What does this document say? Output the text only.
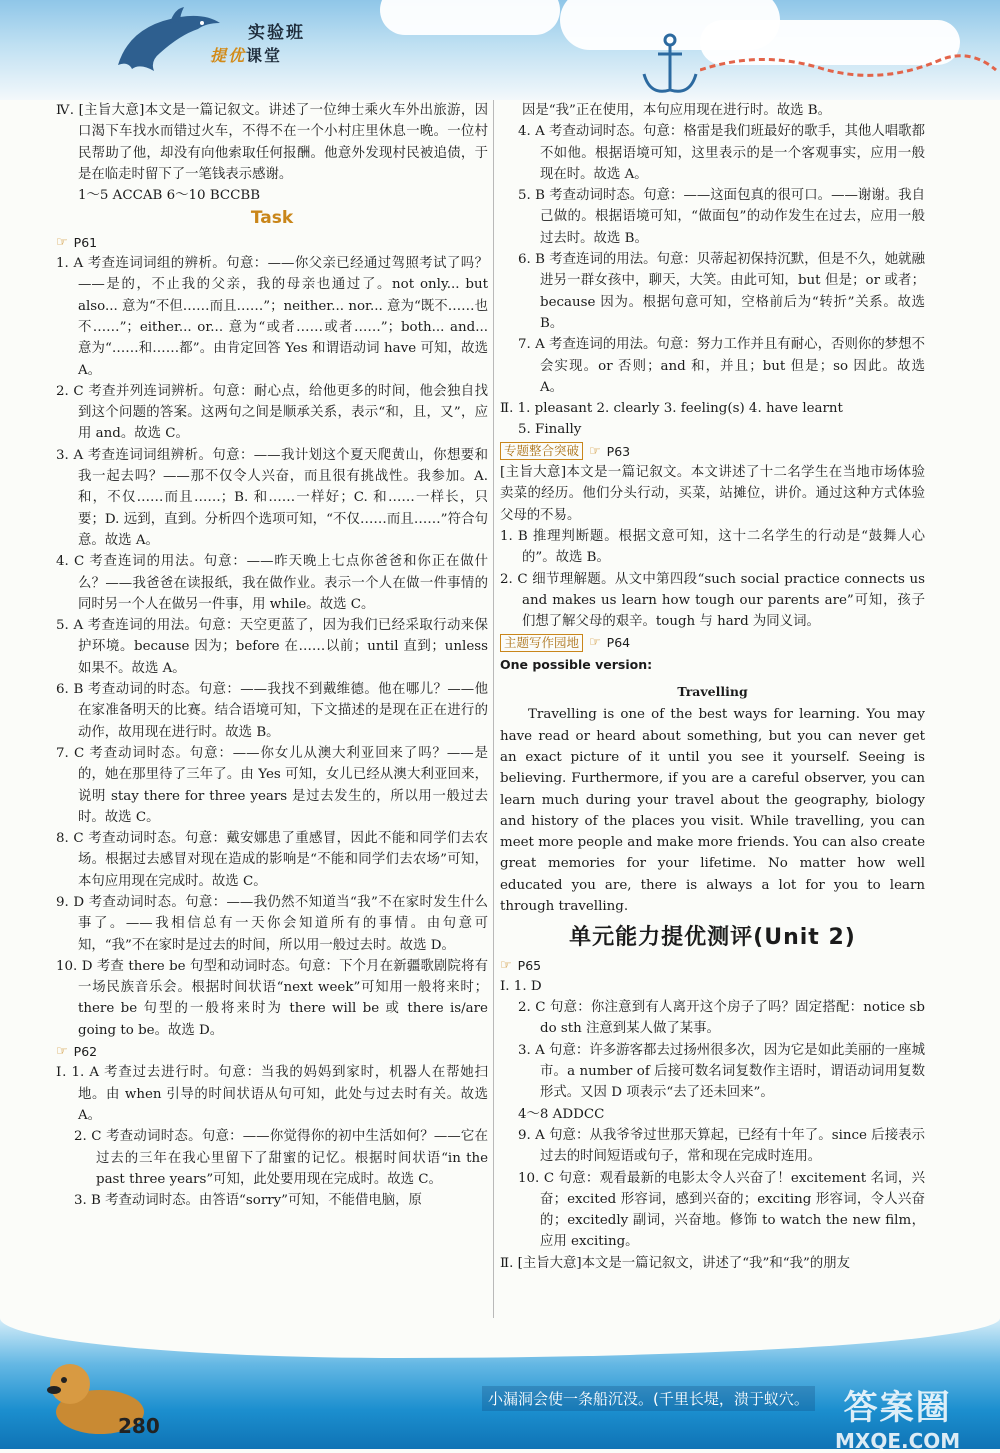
实验班
提优课堂

Ⅳ. [主旨大意]本文是一篇记叙文。讲述了一位绅士乘火车外出旅游，因口渴下车找水而错过火车，不得不在一个小村庄里休息一晚。一位村民帮助了他，却没有向他索取任何报酬。他意外发现村民被追债，于是在临走时留下了一笔钱表示感谢。

1～5 ACCAB 6～10 BCCBB

Task
☞ P61

1. A 考查连词词组的辨析。句意：——你父亲已经通过驾照考试了吗？——是的，不止我的父亲，我的母亲也通过了。not only... but also... 意为“不但……而且……”；neither... nor... 意为“既不……也不……”；either... or... 意为“或者……或者……”；both... and... 意为“……和……都”。由肯定回答 Yes 和谓语动词 have 可知，故选 A。

2. C 考查并列连词辨析。句意：耐心点，给他更多的时间，他会独自找到这个问题的答案。这两句之间是顺承关系，表示“和，且，又”，应用 and。故选 C。

3. A 考查连词词组辨析。句意：——我计划这个夏天爬黄山，你想要和我一起去吗？——那不仅令人兴奋，而且很有挑战性。我参加。A. 和，不仅……而且……；B. 和……一样好；C. 和……一样长，只要；D. 远到，直到。分析四个选项可知，“不仅……而且……”符合句意。故选 A。

4. C 考查连词的用法。句意：——昨天晚上七点你爸爸和你正在做什么？——我爸爸在读报纸，我在做作业。表示一个人在做一件事情的同时另一个人在做另一件事，用 while。故选 C。

5. A 考查连词的用法。句意：天空更蓝了，因为我们已经采取行动来保护环境。because 因为；before 在……以前；until 直到；unless 如果不。故选 A。

6. B 考查动词的时态。句意：——我找不到戴维德。他在哪儿？——他在家准备明天的比赛。结合语境可知，下文描述的是现在正在进行的动作，故用现在进行时。故选 B。

7. C 考查动词时态。句意：——你女儿从澳大利亚回来了吗？——是的，她在那里待了三年了。由 Yes 可知，女儿已经从澳大利亚回来，说明 stay there for three years 是过去发生的，所以用一般过去时。故选 C。

8. C 考查动词时态。句意：戴安娜患了重感冒，因此不能和同学们去农场。根据过去感冒对现在造成的影响是“不能和同学们去农场”可知，本句应用现在完成时。故选 C。

9. D 考查动词时态。句意：——我仍然不知道当“我”不在家时发生什么事了。——我相信总有一天你会知道所有的事情。由句意可知，“我”不在家时是过去的时间，所以用一般过去时。故选 D。

10. D 考查 there be 句型和动词时态。句意：下个月在新疆歌剧院将有一场民族音乐会。根据时间状语“next week”可知用一般将来时；there be 句型的一般将来时为 there will be 或 there is/are going to be。故选 D。

☞ P62

Ⅰ. 1. A 考查过去进行时。句意：当我的妈妈到家时，机器人在帮她扫地。由 when 引导的时间状语从句可知，此处与过去时有关。故选 A。

2. C 考查动词时态。句意：——你觉得你的初中生活如何？——它在过去的三年在我心里留下了甜蜜的记忆。根据时间状语“in the past three years”可知，此处要用现在完成时。故选 C。

3. B 考查动词时态。由答语“sorry”可知，不能借电脑，原

因是“我”正在使用，本句应用现在进行时。故选 B。

4. A 考查动词时态。句意：格雷是我们班最好的歌手，其他人唱歌都不如他。根据语境可知，这里表示的是一个客观事实，应用一般现在时。故选 A。

5. B 考查动词时态。句意：——这面包真的很可口。——谢谢。我自己做的。根据语境可知，“做面包”的动作发生在过去，应用一般过去时。故选 B。

6. B 考查连词的用法。句意：贝蒂起初保持沉默，但是不久，她就融进另一群女孩中，聊天，大笑。由此可知，but 但是；or 或者；because 因为。根据句意可知，空格前后为“转折”关系。故选 B。

7. A 考查连词的用法。句意：努力工作并且有耐心，否则你的梦想不会实现。or 否则；and 和，并且；but 但是；so 因此。故选 A。

Ⅱ. 1. pleasant 2. clearly 3. feeling(s) 4. have learnt

5. Finally

专题整合突破 ☞ P63

[主旨大意]本文是一篇记叙文。本文讲述了十二名学生在当地市场体验卖菜的经历。他们分头行动，买菜，站摊位，讲价。通过这种方式体验父母的不易。

1. B 推理判断题。根据文意可知，这十二名学生的行动是“鼓舞人心的”。故选 B。

2. C 细节理解题。从文中第四段“such social practice connects us and makes us learn how tough our parents are”可知，孩子们想了解父母的艰辛。tough 与 hard 为同义词。

主题写作园地 ☞ P64
One possible version:
Travelling

Travelling is one of the best ways for learning. You may have read or heard about something, but you can never get an exact picture of it until you see it yourself. Seeing is believing. Furthermore, if you are a careful observer, you can learn much during your travel about the geography, biology and history of the places you visit. While travelling, you can meet more people and make more friends. You can also create great memories for your lifetime. No matter how well educated you are, there is always a lot for you to learn through travelling.

单元能力提优测评(Unit 2)
☞ P65

Ⅰ. 1. D

2. C 句意：你注意到有人离开这个房子了吗？固定搭配：notice sb do sth 注意到某人做了某事。

3. A 句意：许多游客都去过扬州很多次，因为它是如此美丽的一座城市。a number of 后接可数名词复数作主语时，谓语动词用复数形式。又因 D 项表示“去了还未回来”。

4～8 ADDCC

9. A 句意：从我爷爷过世那天算起，已经有十年了。since 后接表示过去的时间短语或句子，常和现在完成时连用。

10. C 句意：观看最新的电影太令人兴奋了！excitement 名词，兴奋；excited 形容词，感到兴奋的；exciting 形容词，令人兴奋的；excitedly 副词，兴奋地。修饰 to watch the new film，应用 exciting。

Ⅱ. [主旨大意]本文是一篇记叙文，讲述了“我”和“我”的朋友

280
小漏洞会使一条船沉没。(千里长堤，溃于蚁穴。 答案圈
MXQE.COM
